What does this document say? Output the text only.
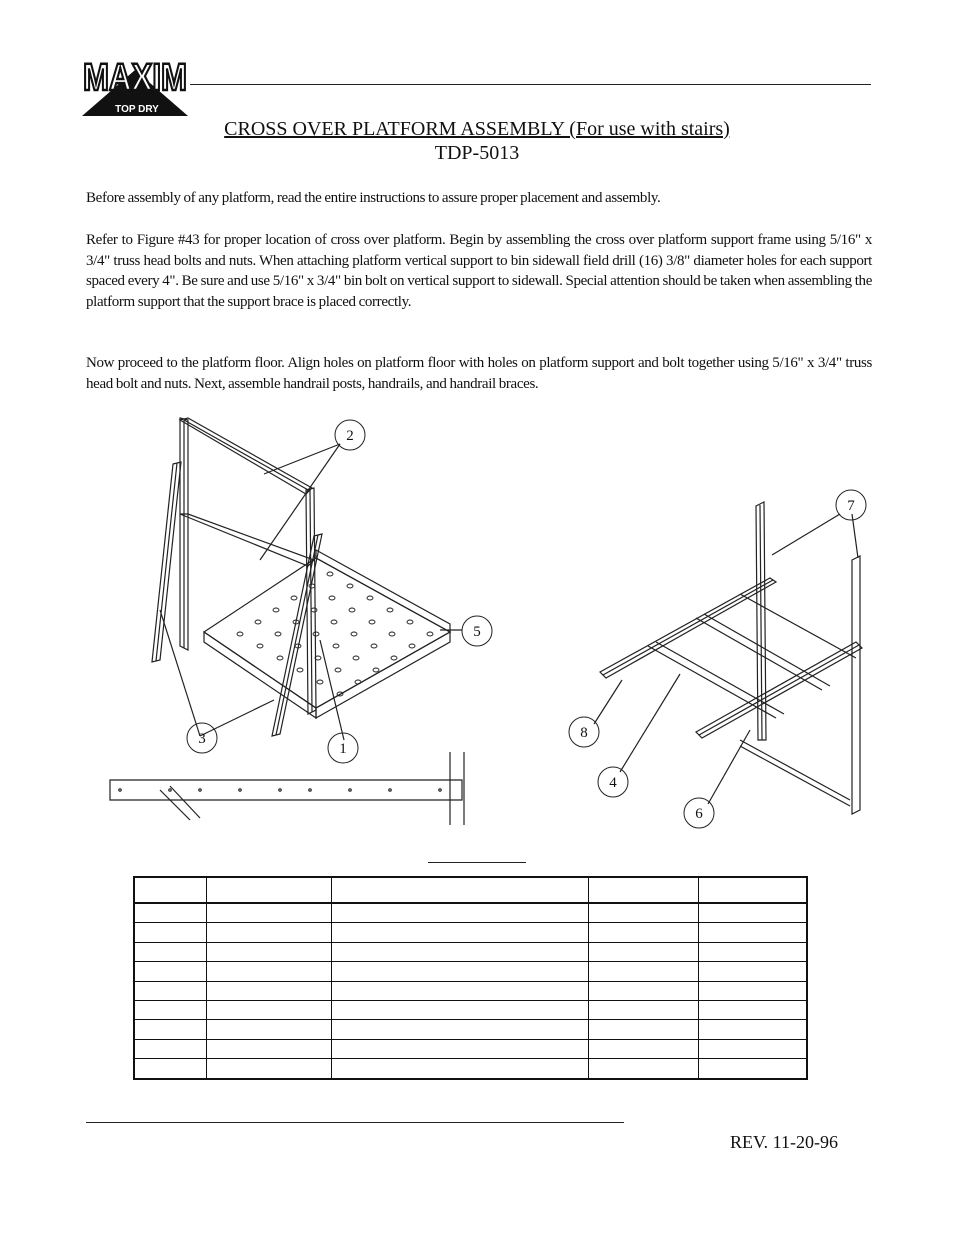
MAXIM
TOP DRY
CROSS OVER PLATFORM ASSEMBLY (For use with stairs)
TDP-5013
Before assembly of any platform, read the entire instructions to assure proper placement and assembly.
Refer to Figure #43 for proper location of cross over platform. Begin by assembling the cross over platform support frame using 5/16" x 3/4" truss head bolts and nuts. When attaching platform vertical support to bin sidewall field drill (16) 3/8" diameter holes for each support spaced every 4". Be sure and use 5/16" x 3/4" bin bolt on vertical support to sidewall. Special attention should be taken when assembling the platform support that the support brace is placed correctly.
Now proceed to the platform floor. Align holes on platform floor with holes on platform support and bolt together using 5/16" x 3/4" truss head bolt and nuts. Next, assemble handrail posts, handrails, and handrail braces.
2
5
3
1
7
8
4
6

REV. 11-20-96
